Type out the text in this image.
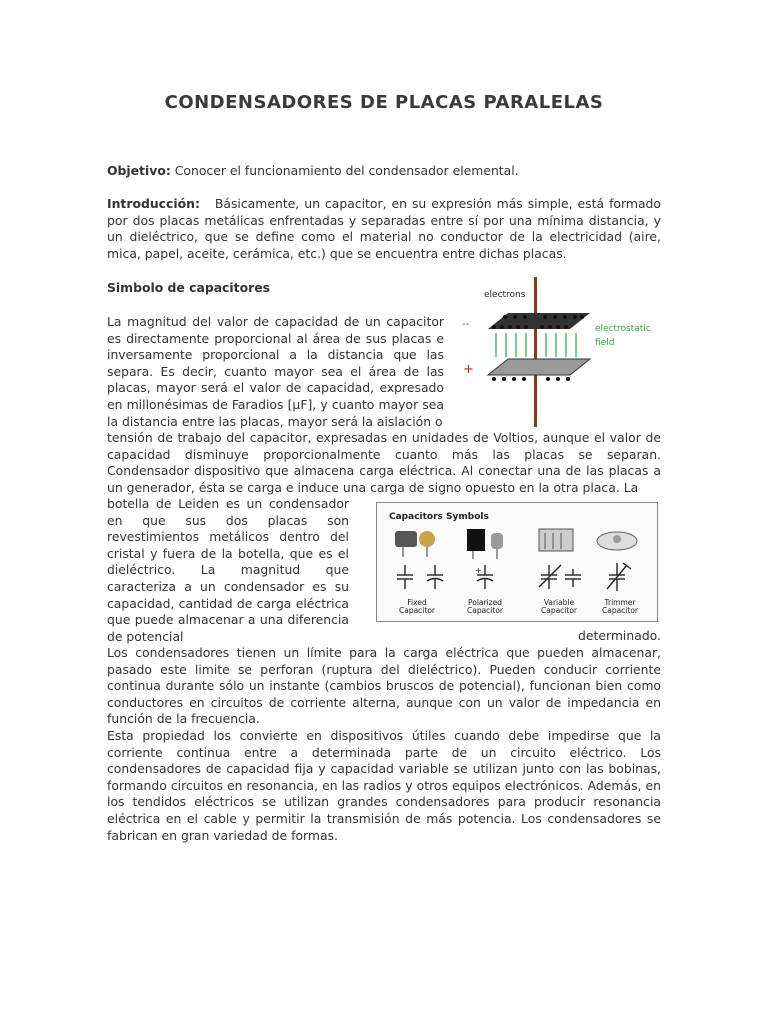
CONDENSADORES DE PLACAS PARALELAS
Objetivo: Conocer el funcionamiento del condensador elemental.
Introducción: Básicamente, un capacitor, en su expresión más simple, está formado por dos placas metálicas enfrentadas y separadas entre sí por una mínima distancia, y un dieléctrico, que se define como el material no conductor de la electricidad (aire, mica, papel, aceite, cerámica, etc.) que se encuentra entre dichas placas.
Simbolo de capacitores	electrons
electrostatic
field
--
+
La magnitud del valor de capacidad de un capacitor es directamente proporcional al área de sus placas e inversamente proporcional a la distancia que las separa. Es decir, cuanto mayor sea el área de las placas, mayor será el valor de capacidad, expresado en millonésimas de Faradios [μF], y cuanto mayor sea la distancia entre las placas, mayor será la aislación o
tensión de trabajo del capacitor, expresadas en unidades de Voltios, aunque el valor de capacidad disminuye proporcionalmente cuanto más las placas se separan. Condensador dispositivo que almacena carga eléctrica. Al conectar una de las placas a un generador, ésta se carga e induce una carga de signo opuesto en la otra placa. La
Capacitors Symbols
+
Fixed
Capacitor
Polarized
Capacitor
Variable
Capacitor
Trimmer
Capacitor
botella de Leiden es un condensador en que sus dos placas son revestimientos metálicos dentro del cristal y fuera de la botella, que es el dieléctrico. La magnitud que caracteriza a un condensador es su capacidad, cantidad de carga eléctrica que puede almacenar a una diferencia de potencial	determinado.
Los condensadores tienen un límite para la carga eléctrica que pueden almacenar, pasado este limite se perforan (ruptura del dieléctrico). Pueden conducir corriente continua durante sólo un instante (cambios bruscos de potencial), funcionan bien como conductores en circuitos de corriente alterna, aunque con un valor de impedancia en función de la frecuencia.
Esta propiedad los convierte en dispositivos útiles cuando debe impedirse que la corriente continua entre a determinada parte de un circuito eléctrico. Los condensadores de capacidad fija y capacidad variable se utilizan junto con las bobinas, formando circuitos en resonancia, en las radios y otros equipos electrónicos. Además, en los tendidos eléctricos se utilizan grandes condensadores para producir resonancia eléctrica en el cable y permitir la transmisión de más potencia. Los condensadores se fabrican en gran variedad de formas.
